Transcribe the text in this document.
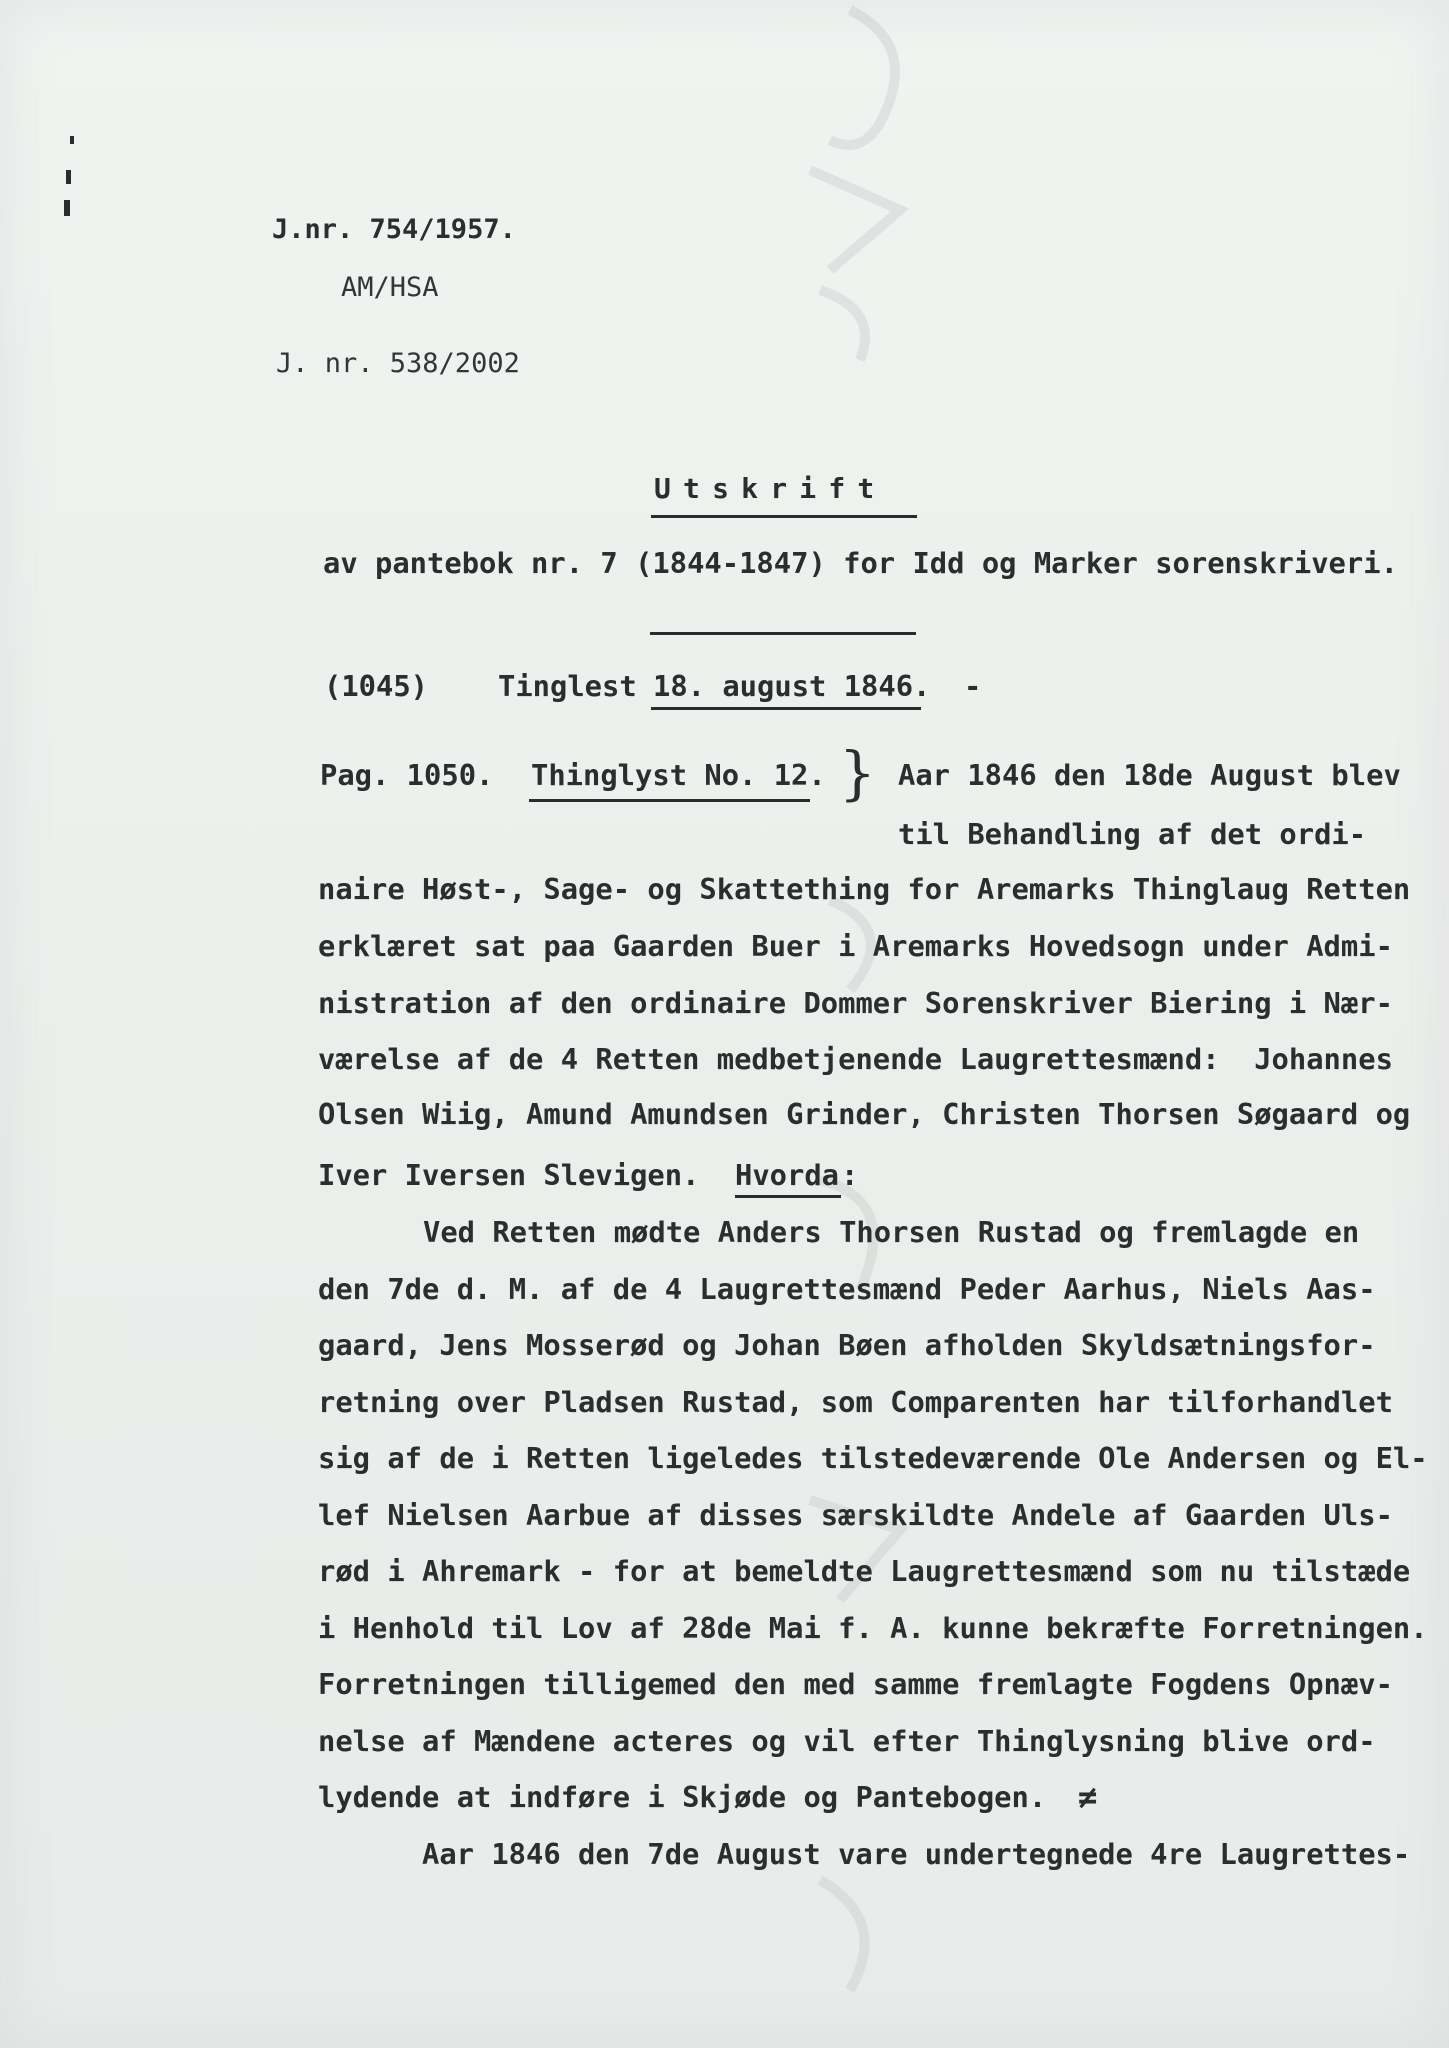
J.nr. 754/1957.
AM/HSA
J. nr. 538/2002
Utskrift
av pantebok nr. 7 (1844-1847) for Idd og Marker sorenskriveri.
(1045) Tinglest 18. august 1846. -
Pag. 1050. Thinglyst No. 12. } Aar 1846 den 18de August blev
til Behandling af det ordi-
naire Høst-, Sage- og Skattething for Aremarks Thinglaug Retten
erklæret sat paa Gaarden Buer i Aremarks Hovedsogn under Admi-
nistration af den ordinaire Dommer Sorenskriver Biering i Nær-
værelse af de 4 Retten medbetjenende Laugrettesmænd:  Johannes
Olsen Wiig, Amund Amundsen Grinder, Christen Thorsen Søgaard og
Iver Iversen Slevigen. Hvorda :
Ved Retten mødte Anders Thorsen Rustad og fremlagde en
den 7de d. M. af de 4 Laugrettesmænd Peder Aarhus, Niels Aas-
gaard, Jens Mosserød og Johan Bøen afholden Skyldsætningsfor-
retning over Pladsen Rustad, som Comparenten har tilforhandlet
sig af de i Retten ligeledes tilstedeværende Ole Andersen og El-
lef Nielsen Aarbue af disses særskildte Andele af Gaarden Uls-
rød i Ahremark - for at bemeldte Laugrettesmænd som nu tilstæde
i Henhold til Lov af 28de Mai f. A. kunne bekræfte Forretningen.
Forretningen tilligemed den med samme fremlagte Fogdens Opnæv-
nelse af Mændene acteres og vil efter Thinglysning blive ord-
lydende at indføre i Skjøde og Pantebogen. ≠
Aar 1846 den 7de August vare undertegnede 4re Laugrettes-
